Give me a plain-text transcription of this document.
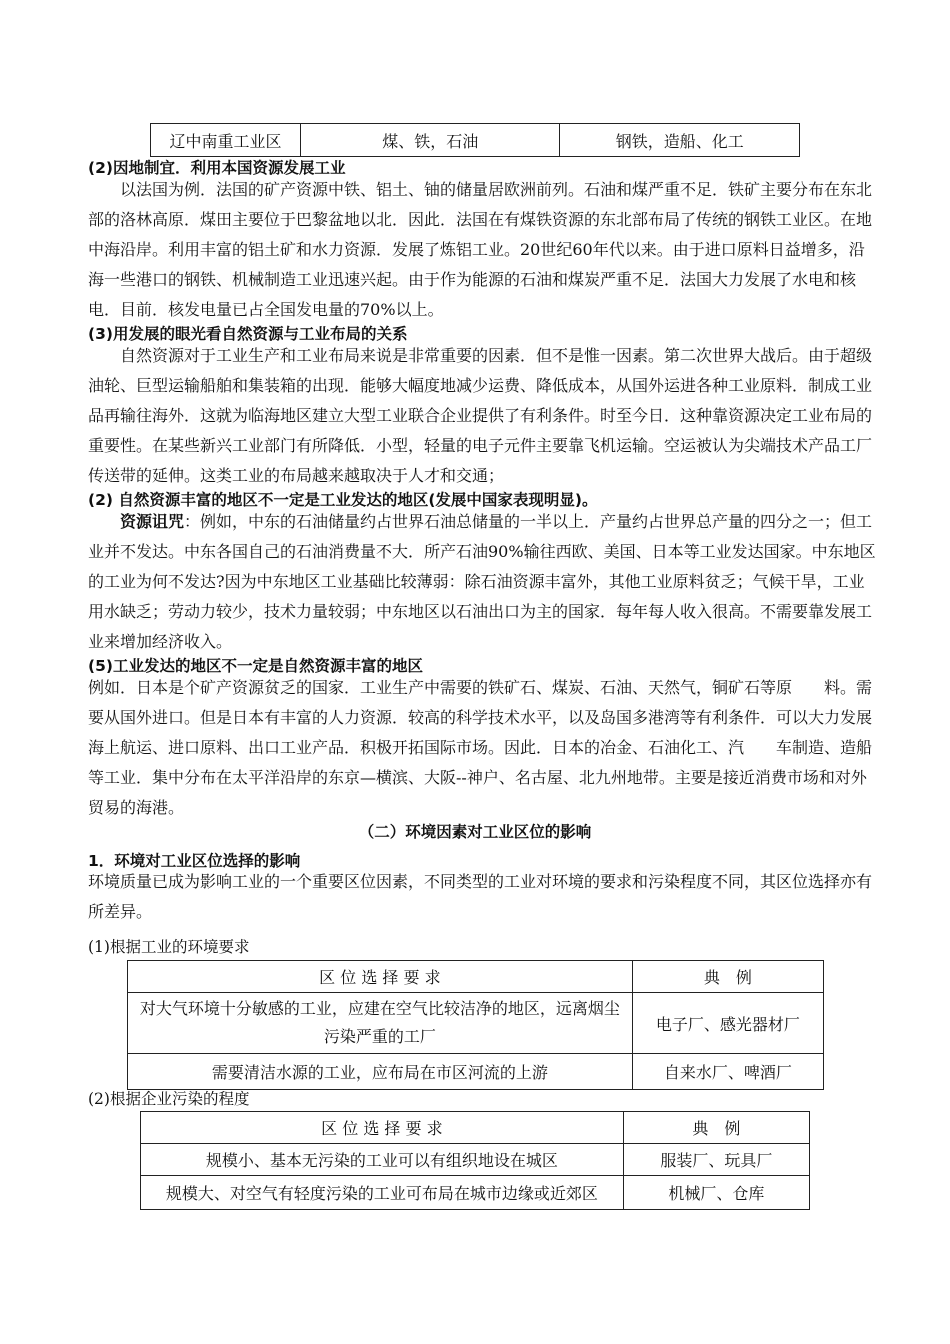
辽中南重工业区	煤、铁，石油	钢铁，造船、化工
(2)因地制宜．利用本国资源发展工业
以法国为例．法国的矿产资源中铁、铝土、铀的储量居欧洲前列。石油和煤严重不足．铁矿主要分布在东北部的洛林高原．煤田主要位于巴黎盆地以北．因此．法国在有煤铁资源的东北部布局了传统的钢铁工业区。在地中海沿岸。利用丰富的铝土矿和水力资源．发展了炼铝工业。20世纪60年代以来。由于进口原料日益增多，沿海一些港口的钢铁、机械制造工业迅速兴起。由于作为能源的石油和煤炭严重不足．法国大力发展了水电和核电．目前．核发电量已占全国发电量的70%以上。
(3)用发展的眼光看自然资源与工业布局的关系
自然资源对于工业生产和工业布局来说是非常重要的因素．但不是惟一因素。第二次世界大战后。由于超级油轮、巨型运输船舶和集装箱的出现．能够大幅度地减少运费、降低成本，从国外运进各种工业原料．制成工业品再输往海外．这就为临海地区建立大型工业联合企业提供了有利条件。时至今日．这种靠资源决定工业布局的重要性。在某些新兴工业部门有所降低．小型，轻量的电子元件主要靠飞机运输。空运被认为尖端技术产品工厂传送带的延伸。这类工业的布局越来越取决于人才和交通；
(2) 自然资源丰富的地区不一定是工业发达的地区(发展中国家表现明显)。
资源诅咒：例如，中东的石油储量约占世界石油总储量的一半以上．产量约占世界总产量的四分之一；但工业并不发达。中东各国自己的石油消费量不大．所产石油90%输往西欧、美国、日本等工业发达国家。中东地区的工业为何不发达?因为中东地区工业基础比较薄弱：除石油资源丰富外，其他工业原料贫乏；气候干旱，工业用水缺乏；劳动力较少，技术力量较弱；中东地区以石油出口为主的国家．每年每人收入很高。不需要靠发展工业来增加经济收入。
(5)工业发达的地区不一定是自然资源丰富的地区
例如．日本是个矿产资源贫乏的国家．工业生产中需要的铁矿石、煤炭、石油、天然气，铜矿石等原　　料。需要从国外进口。但是日本有丰富的人力资源．较高的科学技术水平，以及岛国多港湾等有利条件．可以大力发展海上航运、进口原料、出口工业产品．积极开拓国际市场。因此．日本的冶金、石油化工、汽　　车制造、造船等工业．集中分布在太平洋沿岸的东京—横滨、大阪--神户、名古屋、北九州地带。主要是接近消费市场和对外贸易的海港。
（二）环境因素对工业区位的影响
1．环境对工业区位选择的影响
环境质量已成为影响工业的一个重要区位因素，不同类型的工业对环境的要求和污染程度不同，其区位选择亦有所差异。
(1)根据工业的环境要求
区 位 选 择 要 求	典　例
对大气环境十分敏感的工业，应建在空气比较洁净的地区，远离烟尘污染严重的工厂	电子厂、感光器材厂
需要清洁水源的工业，应布局在市区河流的上游	自来水厂、啤酒厂
(2)根据企业污染的程度
区 位 选 择 要 求	典　例
规模小、基本无污染的工业可以有组织地设在城区	服装厂、玩具厂
规模大、对空气有轻度污染的工业可布局在城市边缘或近郊区	机械厂、仓库
